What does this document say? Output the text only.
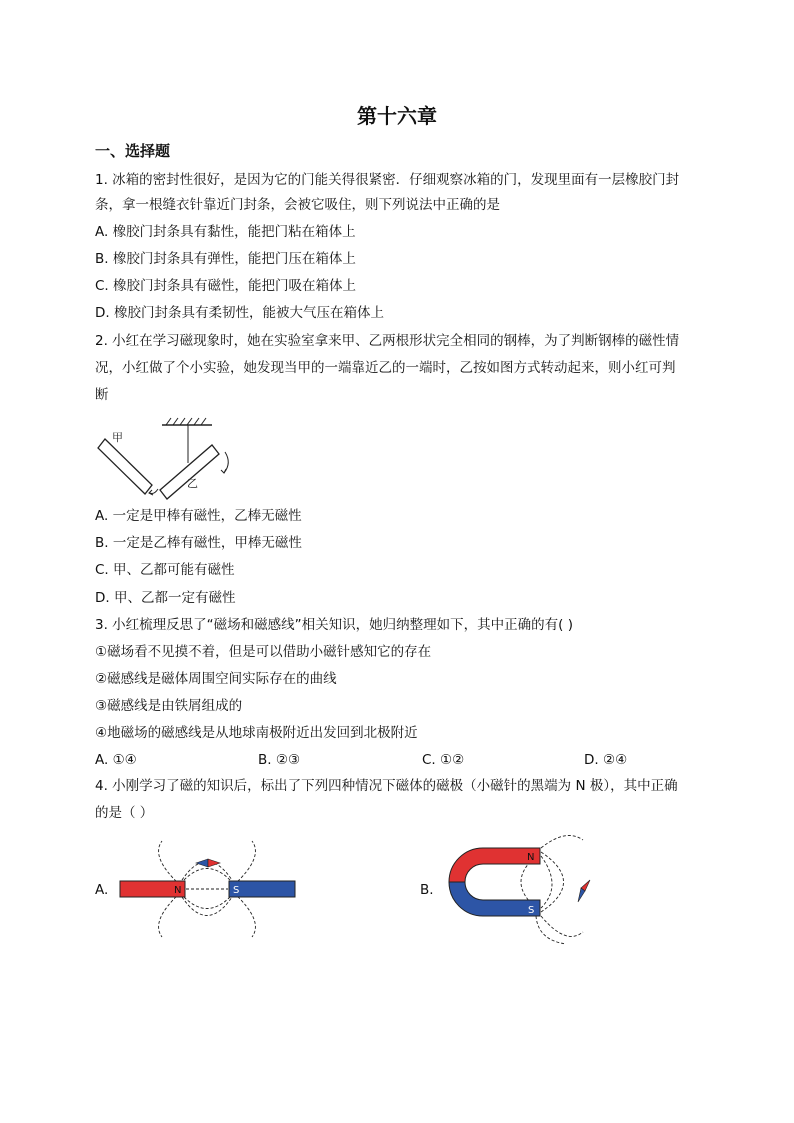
第十六章
一、选择题
1. 冰箱的密封性很好，是因为它的门能关得很紧密．仔细观察冰箱的门，发现里面有一层橡胶门封
条，拿一根缝衣针靠近门封条，会被它吸住，则下列说法中正确的是
A. 橡胶门封条具有黏性，能把门粘在箱体上
B. 橡胶门封条具有弹性，能把门压在箱体上
C. 橡胶门封条具有磁性，能把门吸在箱体上
D. 橡胶门封条具有柔韧性，能被大气压在箱体上
2. 小红在学习磁现象时，她在实验室拿来甲、乙两根形状完全相同的钢棒，为了判断钢棒的磁性情
况，小红做了个小实验，她发现当甲的一端靠近乙的一端时，乙按如图方式转动起来，则小红可判
断
甲
乙
A. 一定是甲棒有磁性，乙棒无磁性
B. 一定是乙棒有磁性，甲棒无磁性
C. 甲、乙都可能有磁性
D. 甲、乙都一定有磁性
3. 小红梳理反思了“磁场和磁感线”相关知识，她归纳整理如下，其中正确的有( )
①磁场看不见摸不着，但是可以借助小磁针感知它的存在
②磁感线是磁体周围空间实际存在的曲线
③磁感线是由铁屑组成的
④地磁场的磁感线是从地球南极附近出发回到北极附近
A. ①④	B. ②③	C. ①②	D. ②④
4. 小刚学习了磁的知识后，标出了下列四种情况下磁体的磁极（小磁针的黑端为 N 极），其中正确
的是（ ）
A.	N	S	B.
N
S
